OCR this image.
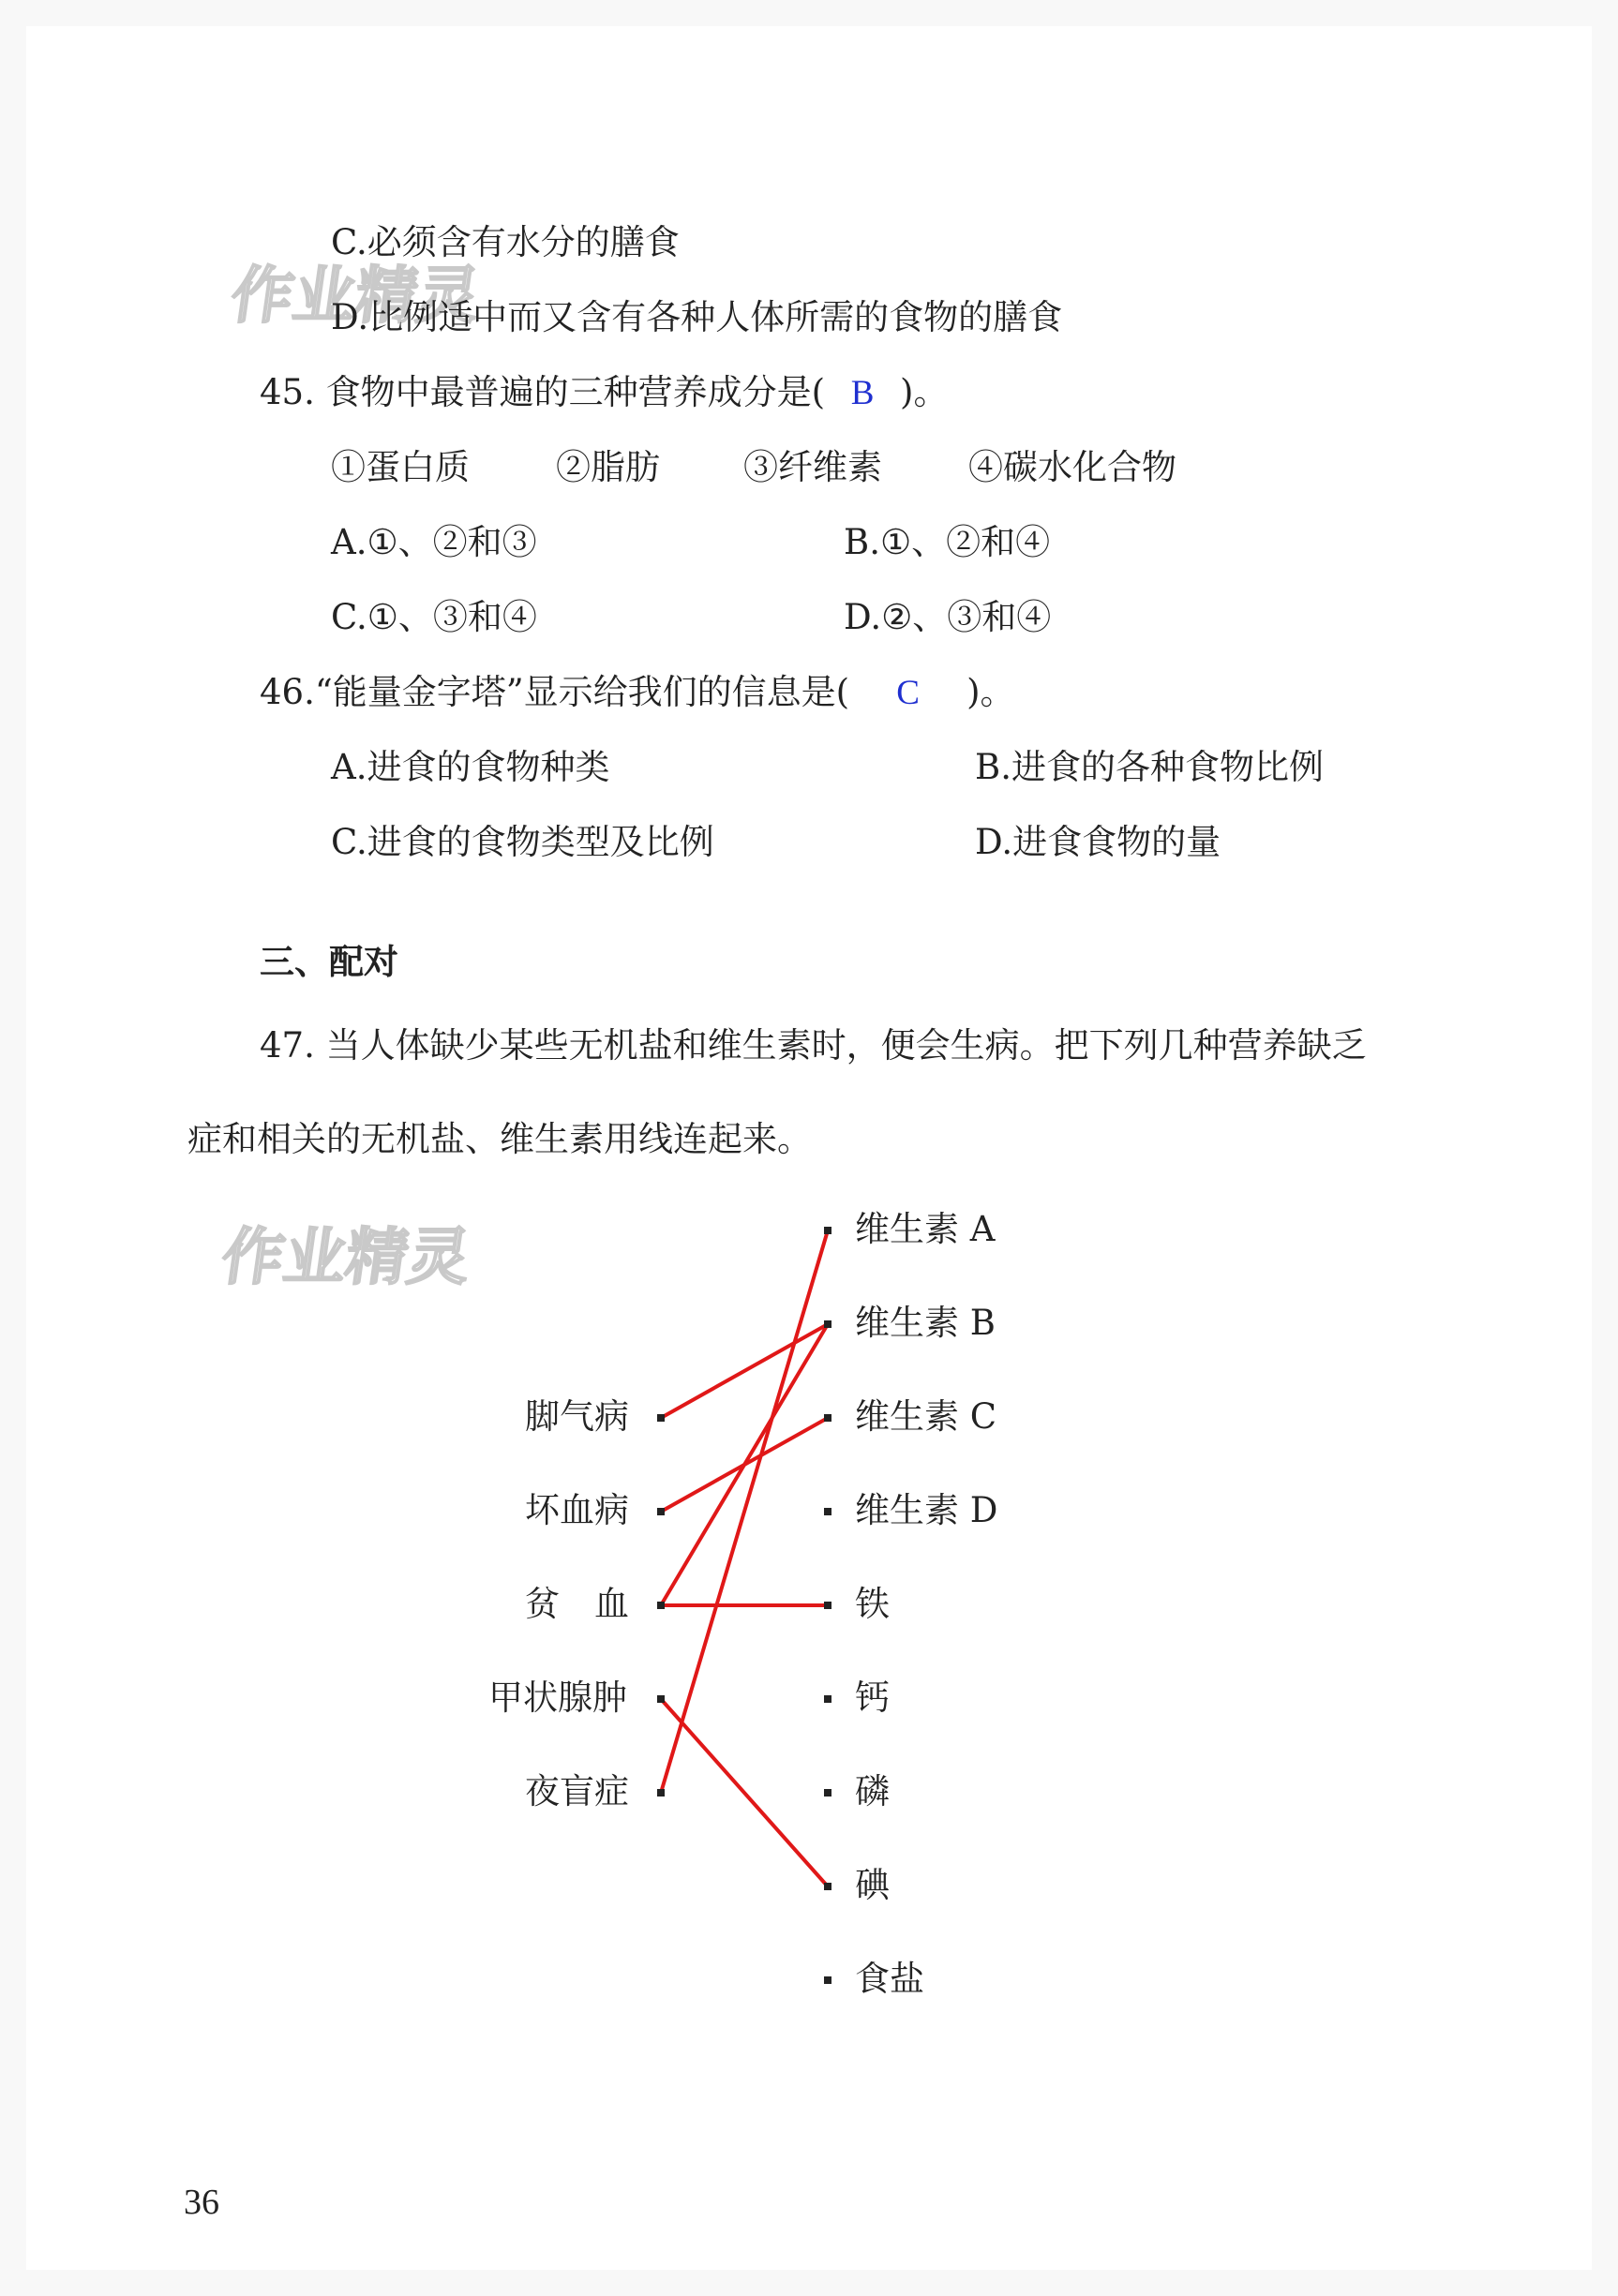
作业精灵
作业精灵
C.必须含有水分的膳食
D.比例适中而又含有各种人体所需的食物的膳食
45. 食物中最普遍的三种营养成分是( B )。
①蛋白质 ②脂肪 ③纤维素 ④碳水化合物
A.①、②和③	B.①、②和④
C.①、③和④	D.②、③和④
46.“能量金字塔”显示给我们的信息是( C )。
A.进食的食物种类	B.进食的各种食物比例
C.进食的食物类型及比例	D.进食食物的量
三、配对
47. 当人体缺少某些无机盐和维生素时，便会生病。把下列几种营养缺乏
症和相关的无机盐、维生素用线连起来。
脚气病
坏血病
贫　血
甲状腺肿
夜盲症
维生素 A
维生素 B
维生素 C
维生素 D
铁
钙
磷
碘
食盐
36
